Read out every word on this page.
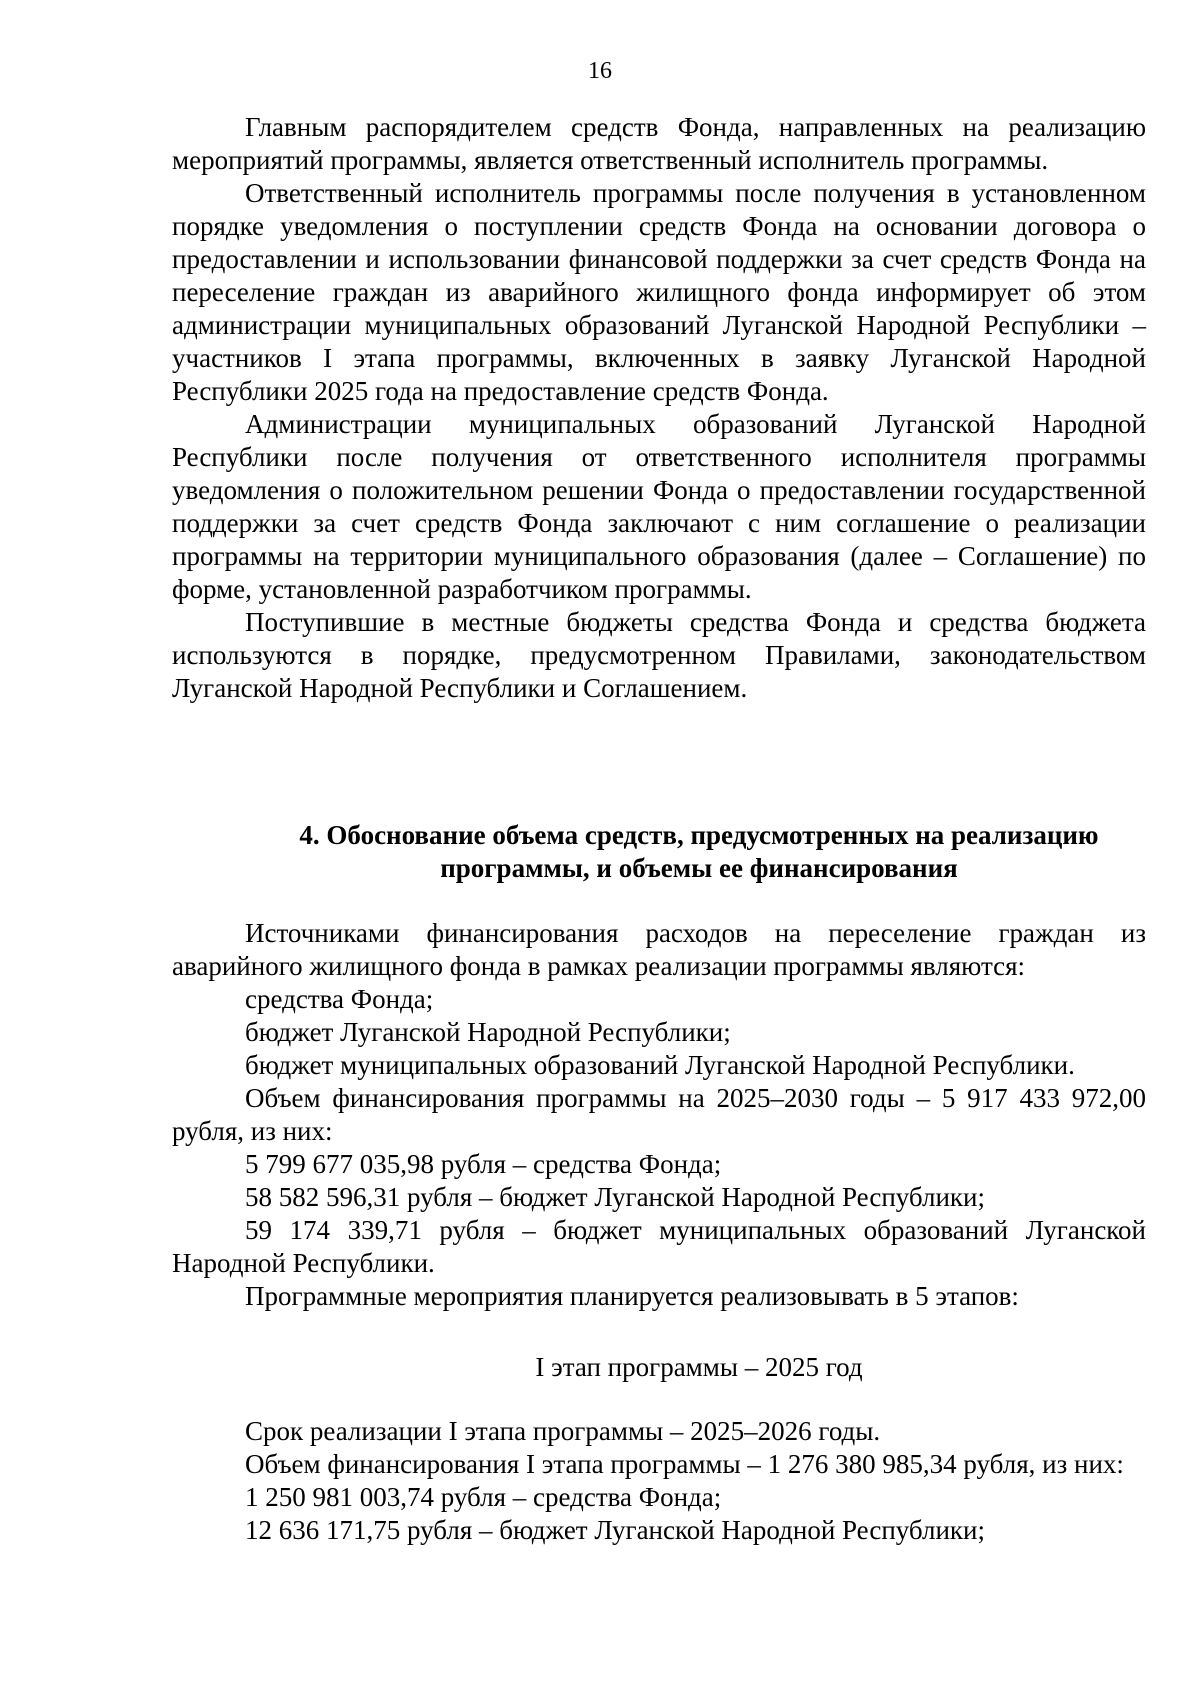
16

Главным распорядителем средств Фонда, направленных на реализацию мероприятий программы, является ответственный исполнитель программы.

Ответственный исполнитель программы после получения в установленном порядке уведомления о поступлении средств Фонда на основании договора о предоставлении и использовании финансовой поддержки за счет средств Фонда на переселение граждан из аварийного жилищного фонда информирует об этом администрации муниципальных образований Луганской Народной Республики – участников I этапа программы, включенных в заявку Луганской Народной Республики 2025 года на предоставление средств Фонда.

Администрации муниципальных образований Луганской Народной Республики после получения от ответственного исполнителя программы уведомления о положительном решении Фонда о предоставлении государственной поддержки за счет средств Фонда заключают с ним соглашение о реализации программы на территории муниципального образования (далее – Соглашение) по форме, установленной разработчиком программы.

Поступившие в местные бюджеты средства Фонда и средства бюджета используются в порядке, предусмотренном Правилами, законодательством Луганской Народной Республики и Соглашением.

4. Обоснование объема средств, предусмотренных на реализацию
программы, и объемы ее финансирования

Источниками финансирования расходов на переселение граждан из аварийного жилищного фонда в рамках реализации программы являются:

средства Фонда;

бюджет Луганской Народной Республики;

бюджет муниципальных образований Луганской Народной Республики.

Объем финансирования программы на 2025–2030 годы – 5 917 433 972,00 рубля, из них:

5 799 677 035,98 рубля – средства Фонда;

58 582 596,31 рубля – бюджет Луганской Народной Республики;

59 174 339,71 рубля – бюджет муниципальных образований Луганской Народной Республики.

Программные мероприятия планируется реализовывать в 5 этапов:

I этап программы – 2025 год

Срок реализации I этапа программы – 2025–2026 годы.

Объем финансирования I этапа программы – 1 276 380 985,34 рубля, из них:

1 250 981 003,74 рубля – средства Фонда;

12 636 171,75 рубля – бюджет Луганской Народной Республики;
